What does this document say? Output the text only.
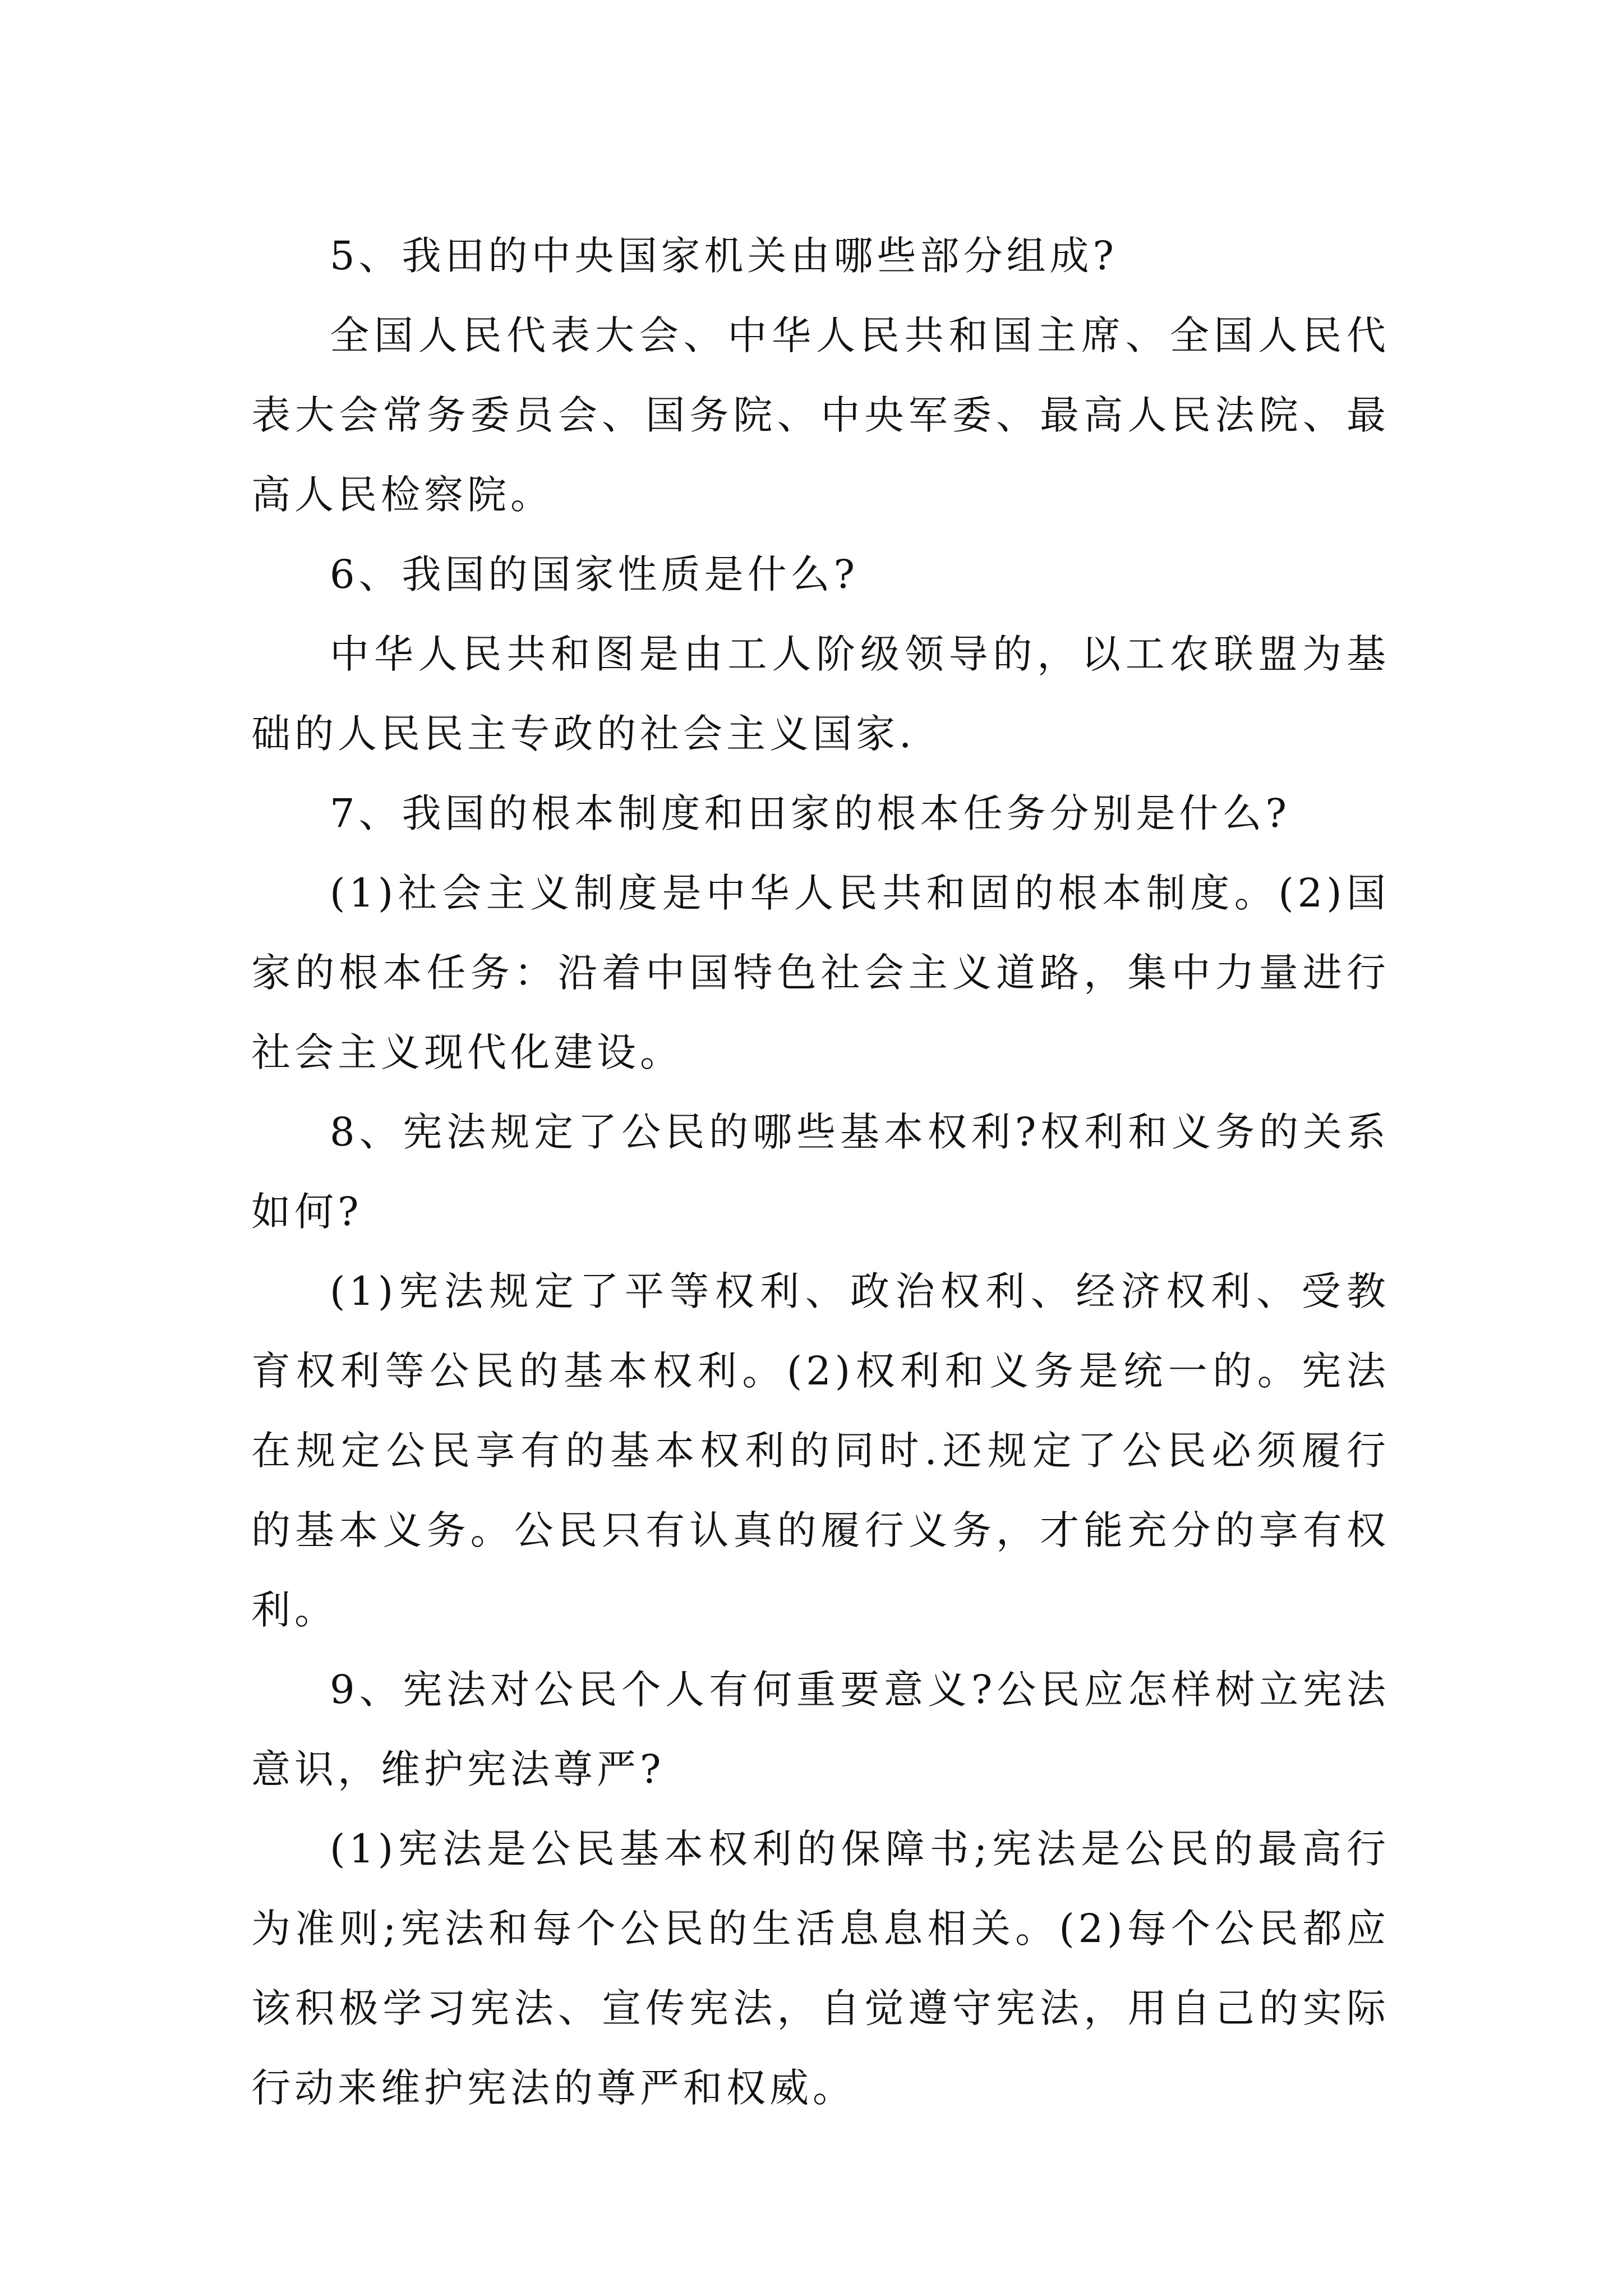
5、我田的中央国家机关由哪些部分组成?

全国人民代表大会、中华人民共和国主席、全国人民代表大会常务委员会、国务院、中央军委、最高人民法院、最高人民检察院。

6、我国的国家性质是什么?

中华人民共和图是由工人阶级领导的，以工农联盟为基础的人民民主专政的社会主义国家.

7、我国的根本制度和田家的根本任务分别是什么?

(1)社会主义制度是中华人民共和固的根本制度。(2)国家的根本任务：沿着中国特色社会主义道路，集中力量进行社会主义现代化建设。

8、宪法规定了公民的哪些基本权利?权利和义务的关系如何?

(1)宪法规定了平等权利、政治权利、经济权利、受教育权利等公民的基本权利。(2)权利和义务是统一的。宪法在规定公民享有的基本权利的同时.还规定了公民必须履行的基本义务。公民只有认真的履行义务，才能充分的享有权利。

9、宪法对公民个人有何重要意义?公民应怎样树立宪法意识，维护宪法尊严?

(1)宪法是公民基本权利的保障书;宪法是公民的最高行为准则;宪法和每个公民的生活息息相关。(2)每个公民都应该积极学习宪法、宣传宪法，自觉遵守宪法，用自己的实际行动来维护宪法的尊严和权威。
